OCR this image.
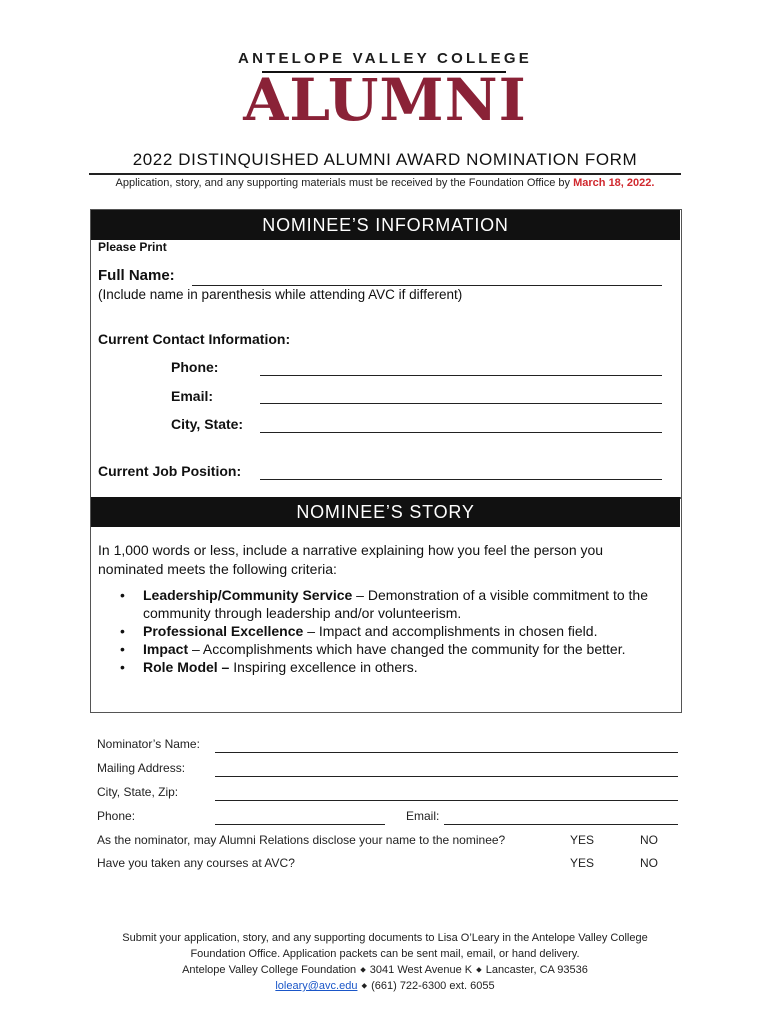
ANTELOPE VALLEY COLLEGE
ALUMNI
2022 DISTINQUISHED ALUMNI AWARD NOMINATION FORM
Application, story, and any supporting materials must be received by the Foundation Office by March 18, 2022.
NOMINEE’S INFORMATION
Please Print
Full Name:
(Include name in parenthesis while attending AVC if different)
Current Contact Information:
Phone:
Email:
City, State:
Current Job Position:
NOMINEE’S STORY
In 1,000 words or less, include a narrative explaining how you feel the person you nominated meets the following criteria:
• Leadership/Community Service – Demonstration of a visible commitment to the community through leadership and/or volunteerism.
• Professional Excellence – Impact and accomplishments in chosen field.
• Impact – Accomplishments which have changed the community for the better.
• Role Model – Inspiring excellence in others.
Nominator’s Name:
Mailing Address:
City, State, Zip:
Phone:	Email:
As the nominator, may Alumni Relations disclose your name to the nominee?	YES	NO
Have you taken any courses at AVC?	YES	NO
Submit your application, story, and any supporting documents to Lisa O’Leary in the Antelope Valley College
Foundation Office. Application packets can be sent mail, email, or hand delivery.
Antelope Valley College Foundation ⬥ 3041 West Avenue K ⬥ Lancaster, CA 93536
loleary@avc.edu ⬥ (661) 722-6300 ext. 6055
